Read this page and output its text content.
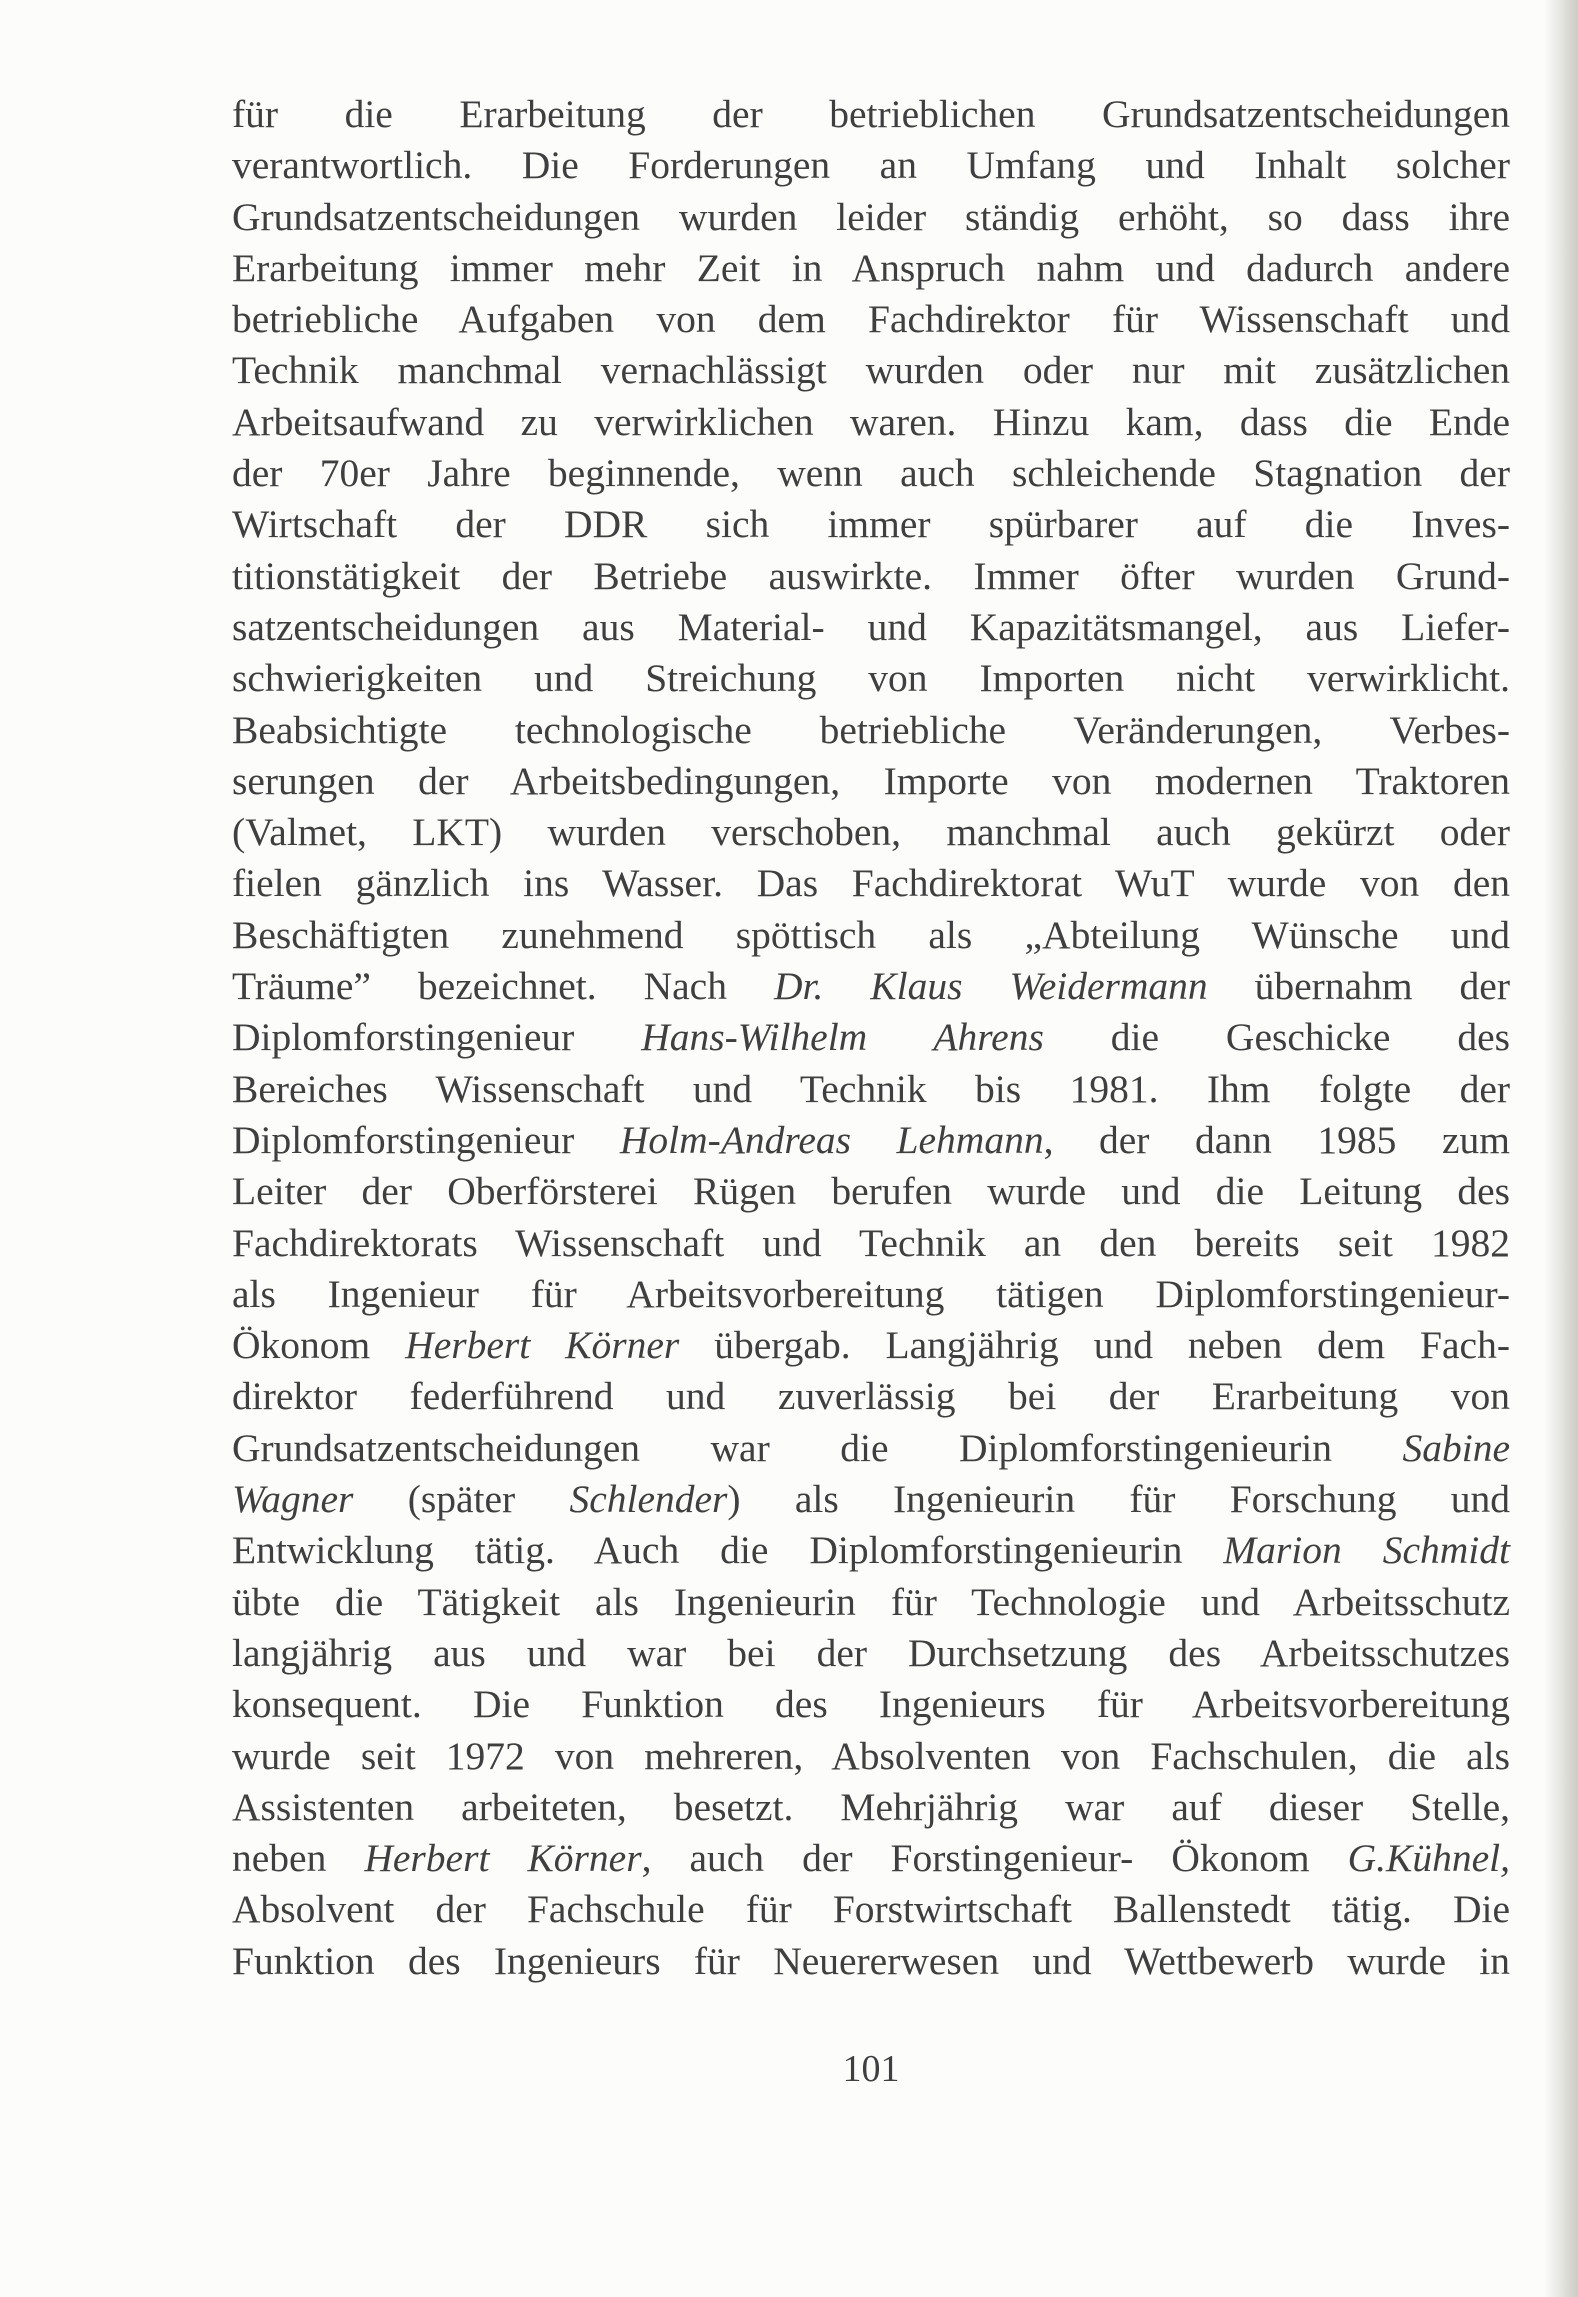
für die Erarbeitung der betrieblichen Grundsatzentscheidungen
verantwortlich. Die Forderungen an Umfang und Inhalt solcher
Grundsatzentscheidungen wurden leider ständig erhöht, so dass ihre
Erarbeitung immer mehr Zeit in Anspruch nahm und dadurch andere
betriebliche Aufgaben von dem Fachdirektor für Wissenschaft und
Technik manchmal vernachlässigt wurden oder nur mit zusätzlichen
Arbeitsaufwand zu verwirklichen waren. Hinzu kam, dass die Ende
der 70er Jahre beginnende, wenn auch schleichende Stagnation der
Wirtschaft der DDR sich immer spürbarer auf die Inves-
titionstätigkeit der Betriebe auswirkte. Immer öfter wurden Grund-
satzentscheidungen aus Material- und Kapazitätsmangel, aus Liefer-
schwierigkeiten und Streichung von Importen nicht verwirklicht.
Beabsichtigte technologische betriebliche Veränderungen, Verbes-
serungen der Arbeitsbedingungen, Importe von modernen Traktoren
(Valmet, LKT) wurden verschoben, manchmal auch gekürzt oder
fielen gänzlich ins Wasser. Das Fachdirektorat WuT wurde von den
Beschäftigten zunehmend spöttisch als „Abteilung Wünsche und
Träume” bezeichnet. Nach Dr. Klaus Weidermann übernahm der
Diplomforstingenieur Hans-Wilhelm Ahrens die Geschicke des
Bereiches Wissenschaft und Technik bis 1981. Ihm folgte der
Diplomforstingenieur Holm-Andreas Lehmann, der dann 1985 zum
Leiter der Oberförsterei Rügen berufen wurde und die Leitung des
Fachdirektorats Wissenschaft und Technik an den bereits seit 1982
als Ingenieur für Arbeitsvorbereitung tätigen Diplomforstingenieur-
Ökonom Herbert Körner übergab. Langjährig und neben dem Fach-
direktor federführend und zuverlässig bei der Erarbeitung von
Grundsatzentscheidungen war die Diplomforstingenieurin Sabine
Wagner (später Schlender) als Ingenieurin für Forschung und
Entwicklung tätig. Auch die Diplomforstingenieurin Marion Schmidt
übte die Tätigkeit als Ingenieurin für Technologie und Arbeitsschutz
langjährig aus und war bei der Durchsetzung des Arbeitsschutzes
konsequent. Die Funktion des Ingenieurs für Arbeitsvorbereitung
wurde seit 1972 von mehreren, Absolventen von Fachschulen, die als
Assistenten arbeiteten, besetzt. Mehrjährig war auf dieser Stelle,
neben Herbert Körner, auch der Forstingenieur- Ökonom G.Kühnel,
Absolvent der Fachschule für Forstwirtschaft Ballenstedt tätig. Die
Funktion des Ingenieurs für Neuererwesen und Wettbewerb wurde in
101
